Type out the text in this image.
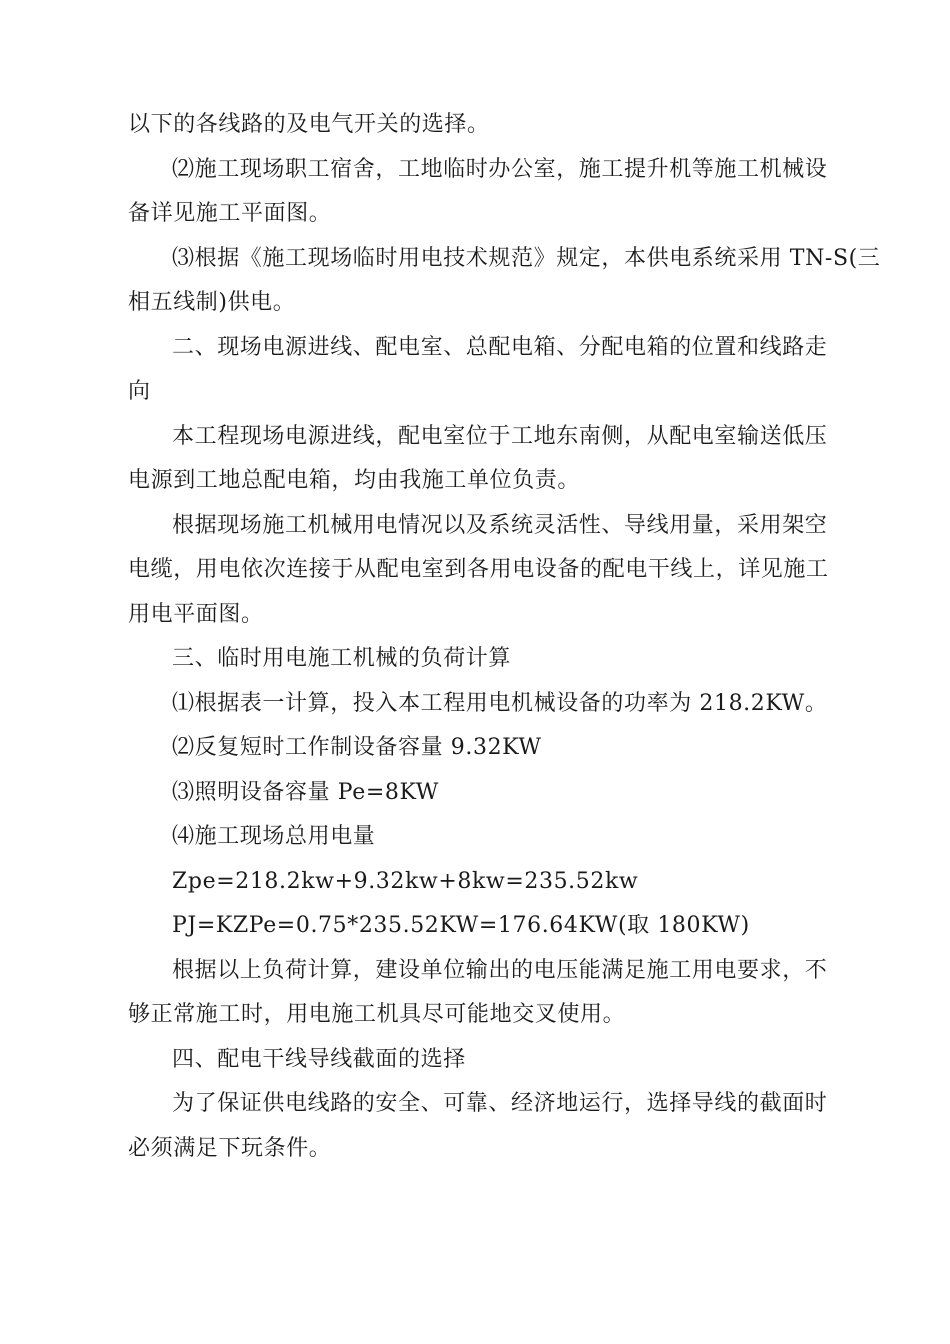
以下的各线路的及电气开关的选择。
⑵施工现场职工宿舍，工地临时办公室，施工提升机等施工机械设
备详见施工平面图。
⑶根据《施工现场临时用电技术规范》规定，本供电系统采用 TN-S(三
相五线制)供电。
二、现场电源进线、配电室、总配电箱、分配电箱的位置和线路走
向
本工程现场电源进线，配电室位于工地东南侧，从配电室输送低压
电源到工地总配电箱，均由我施工单位负责。
根据现场施工机械用电情况以及系统灵活性、导线用量，采用架空
电缆，用电依次连接于从配电室到各用电设备的配电干线上，详见施工
用电平面图。
三、临时用电施工机械的负荷计算
⑴根据表一计算，投入本工程用电机械设备的功率为 218.2KW。
⑵反复短时工作制设备容量 9.32KW
⑶照明设备容量 Pe=8KW
⑷施工现场总用电量
Zpe=218.2kw+9.32kw+8kw=235.52kw
PJ=KZPe=0.75*235.52KW=176.64KW(取 180KW)
根据以上负荷计算，建设单位输出的电压能满足施工用电要求，不
够正常施工时，用电施工机具尽可能地交叉使用。
四、配电干线导线截面的选择
为了保证供电线路的安全、可靠、经济地运行，选择导线的截面时
必须满足下玩条件。
